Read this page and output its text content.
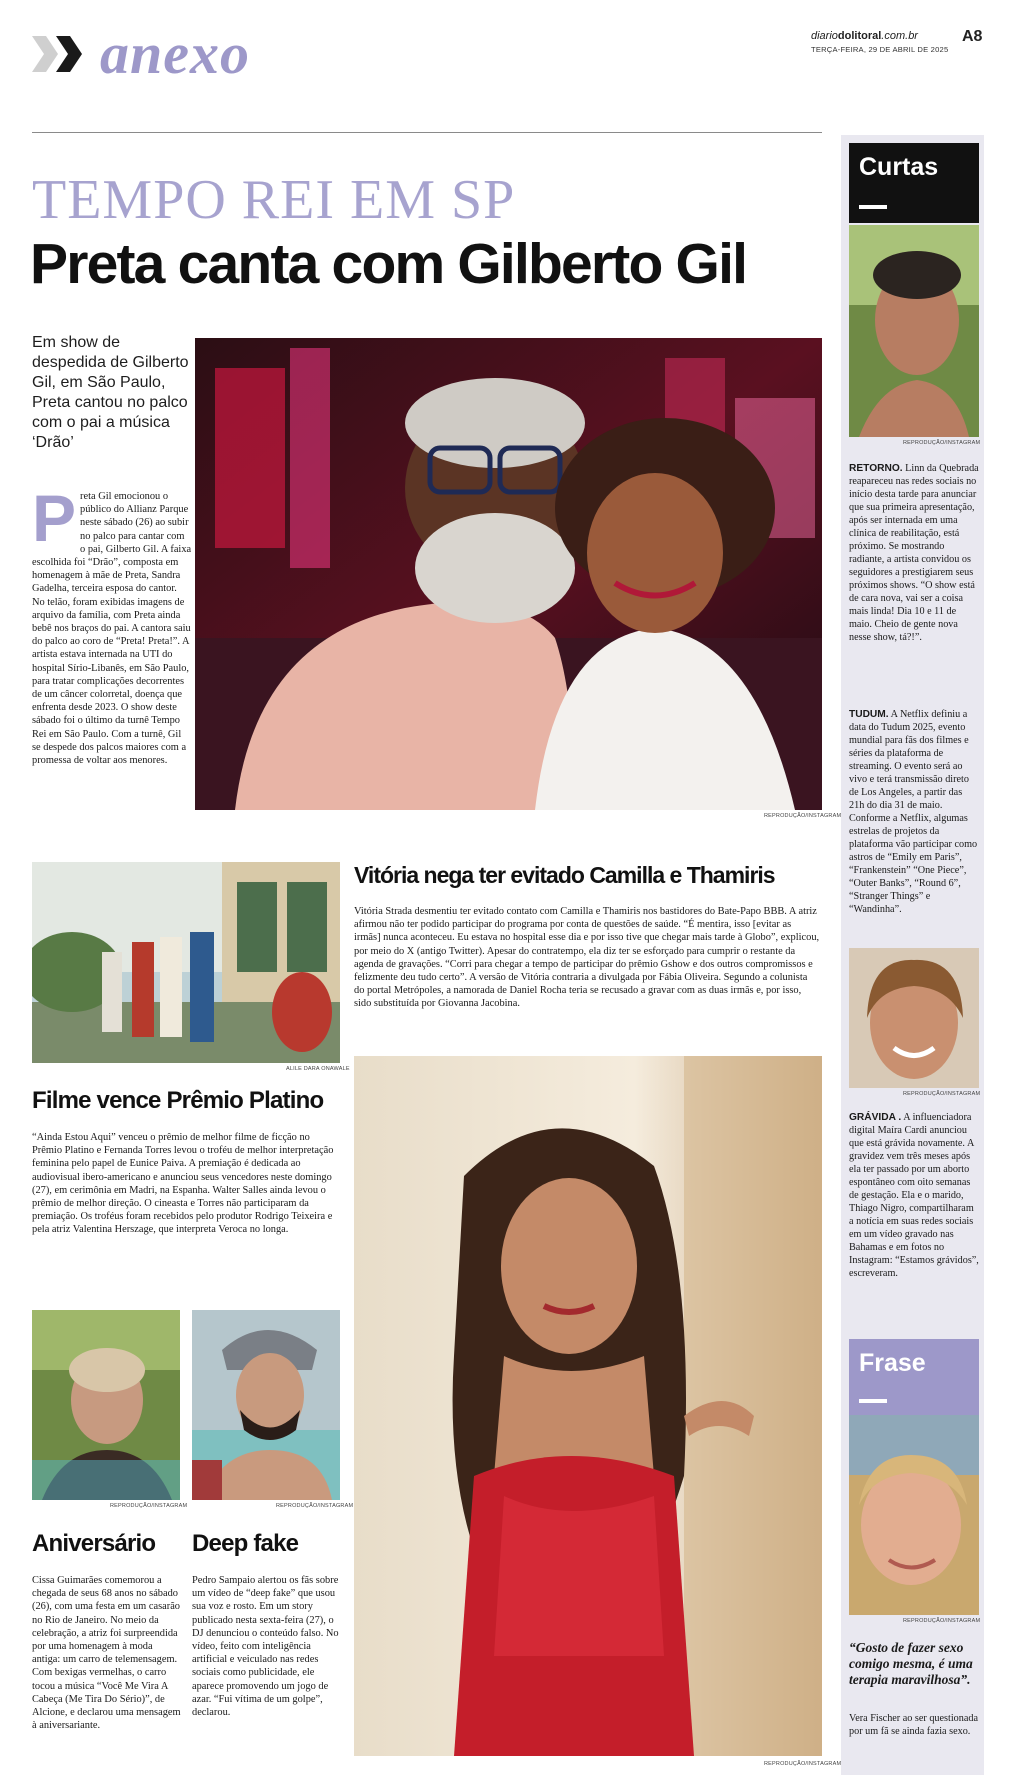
anexo	diariodolitoral.com.br
TERÇA-FEIRA, 29 DE ABRIL DE 2025
A8
TEMPO REI EM SP
Preta canta com Gilberto Gil
Em show de despedida de Gilberto Gil, em São Paulo, Preta cantou no palco com o pai a música ‘Drão’
P reta Gil emocionou o público do Allianz Parque neste sábado (26) ao subir no palco para cantar com o pai, Gilberto Gil. A faixa escolhida foi “Drão”, composta em homenagem à mãe de Preta, Sandra Gadelha, terceira esposa do cantor. No telão, foram exibidas imagens de arquivo da família, com Preta ainda bebê nos braços do pai. A cantora saiu do palco ao coro de “Preta! Preta!”. A artista estava internada na UTI do hospital Sírio-Libanês, em São Paulo, para tratar complicações decorrentes de um câncer colorretal, doença que enfrenta desde 2023. O show deste sábado foi o último da turnê Tempo Rei em São Paulo. Com a turnê, Gil se despede dos palcos maiores com a promessa de voltar aos menores.
REPRODUÇÃO/INSTAGRAM
ALILE DARA ONAWALE
Filme vence Prêmio Platino
“Ainda Estou Aqui” venceu o prêmio de melhor filme de ficção no Prêmio Platino e Fernanda Torres levou o troféu de melhor interpretação feminina pelo papel de Eunice Paiva. A premiação é dedicada ao audiovisual ibero-americano e anunciou seus vencedores neste domingo (27), em cerimônia em Madri, na Espanha. Walter Salles ainda levou o prêmio de melhor direção. O cineasta e Torres não participaram da premiação. Os troféus foram recebidos pelo produtor Rodrigo Teixeira e pela atriz Valentina Herszage, que interpreta Veroca no longa.
REPRODUÇÃO/INSTAGRAM
Aniversário
Cissa Guimarães comemorou a chegada de seus 68 anos no sábado (26), com uma festa em um casarão no Rio de Janeiro. No meio da celebração, a atriz foi surpreendida por uma homenagem à moda antiga: um carro de telemensagem. Com bexigas vermelhas, o carro tocou a música “Você Me Vira A Cabeça (Me Tira Do Sério)”, de Alcione, e declarou uma mensagem à aniversariante.
REPRODUÇÃO/INSTAGRAM
Deep fake
Pedro Sampaio alertou os fãs sobre um vídeo de “deep fake” que usou sua voz e rosto. Em um story publicado nesta sexta-feira (27), o DJ denunciou o conteúdo falso. No vídeo, feito com inteligência artificial e veiculado nas redes sociais como publicidade, ele aparece promovendo um jogo de azar. “Fui vítima de um golpe”, declarou.
Vitória nega ter evitado Camilla e Thamiris
Vitória Strada desmentiu ter evitado contato com Camilla e Thamiris nos bastidores do Bate-Papo BBB. A atriz afirmou não ter podido participar do programa por conta de questões de saúde. “É mentira, isso [evitar as irmãs] nunca aconteceu. Eu estava no hospital esse dia e por isso tive que chegar mais tarde à Globo”, explicou, por meio do X (antigo Twitter). Apesar do contratempo, ela diz ter se esforçado para cumprir o restante da agenda de gravações. “Corri para chegar a tempo de participar do prêmio Gshow e dos outros compromissos e felizmente deu tudo certo”. A versão de Vitória contraria a divulgada por Fábia Oliveira. Segundo a colunista do portal Metrópoles, a namorada de Daniel Rocha teria se recusado a gravar com as duas irmãs e, por isso, sido substituída por Giovanna Jacobina.
REPRODUÇÃO/INSTAGRAM
Curtas
REPRODUÇÃO/INSTAGRAM
RETORNO. Linn da Quebrada reapareceu nas redes sociais no início desta tarde para anunciar que sua primeira apresentação, após ser internada em uma clínica de reabilitação, está próximo. Se mostrando radiante, a artista convidou os seguidores a prestigiarem seus próximos shows. “O show está de cara nova, vai ser a coisa mais linda! Dia 10 e 11 de maio. Cheio de gente nova nesse show, tá?!”.
TUDUM. A Netflix definiu a data do Tudum 2025, evento mundial para fãs dos filmes e séries da plataforma de streaming. O evento será ao vivo e terá transmissão direto de Los Angeles, a partir das 21h do dia 31 de maio. Conforme a Netflix, algumas estrelas de projetos da plataforma vão participar como astros de “Emily em Paris”, “Frankenstein” “One Piece”, “Outer Banks”, “Round 6”, “Stranger Things” e “Wandinha”.
REPRODUÇÃO/INSTAGRAM
GRÁVIDA . A influenciadora digital Maíra Cardi anunciou que está grávida novamente. A gravidez vem três meses após ela ter passado por um aborto espontâneo com oito semanas de gestação. Ela e o marido, Thiago Nigro, compartilharam a notícia em suas redes sociais em um vídeo gravado nas Bahamas e em fotos no Instagram: “Estamos grávidos”, escreveram.
Frase
REPRODUÇÃO/INSTAGRAM
“Gosto de fazer sexo comigo mesma, é uma terapia maravilhosa”.
Vera Fischer ao ser questionada por um fã se ainda fazia sexo.
